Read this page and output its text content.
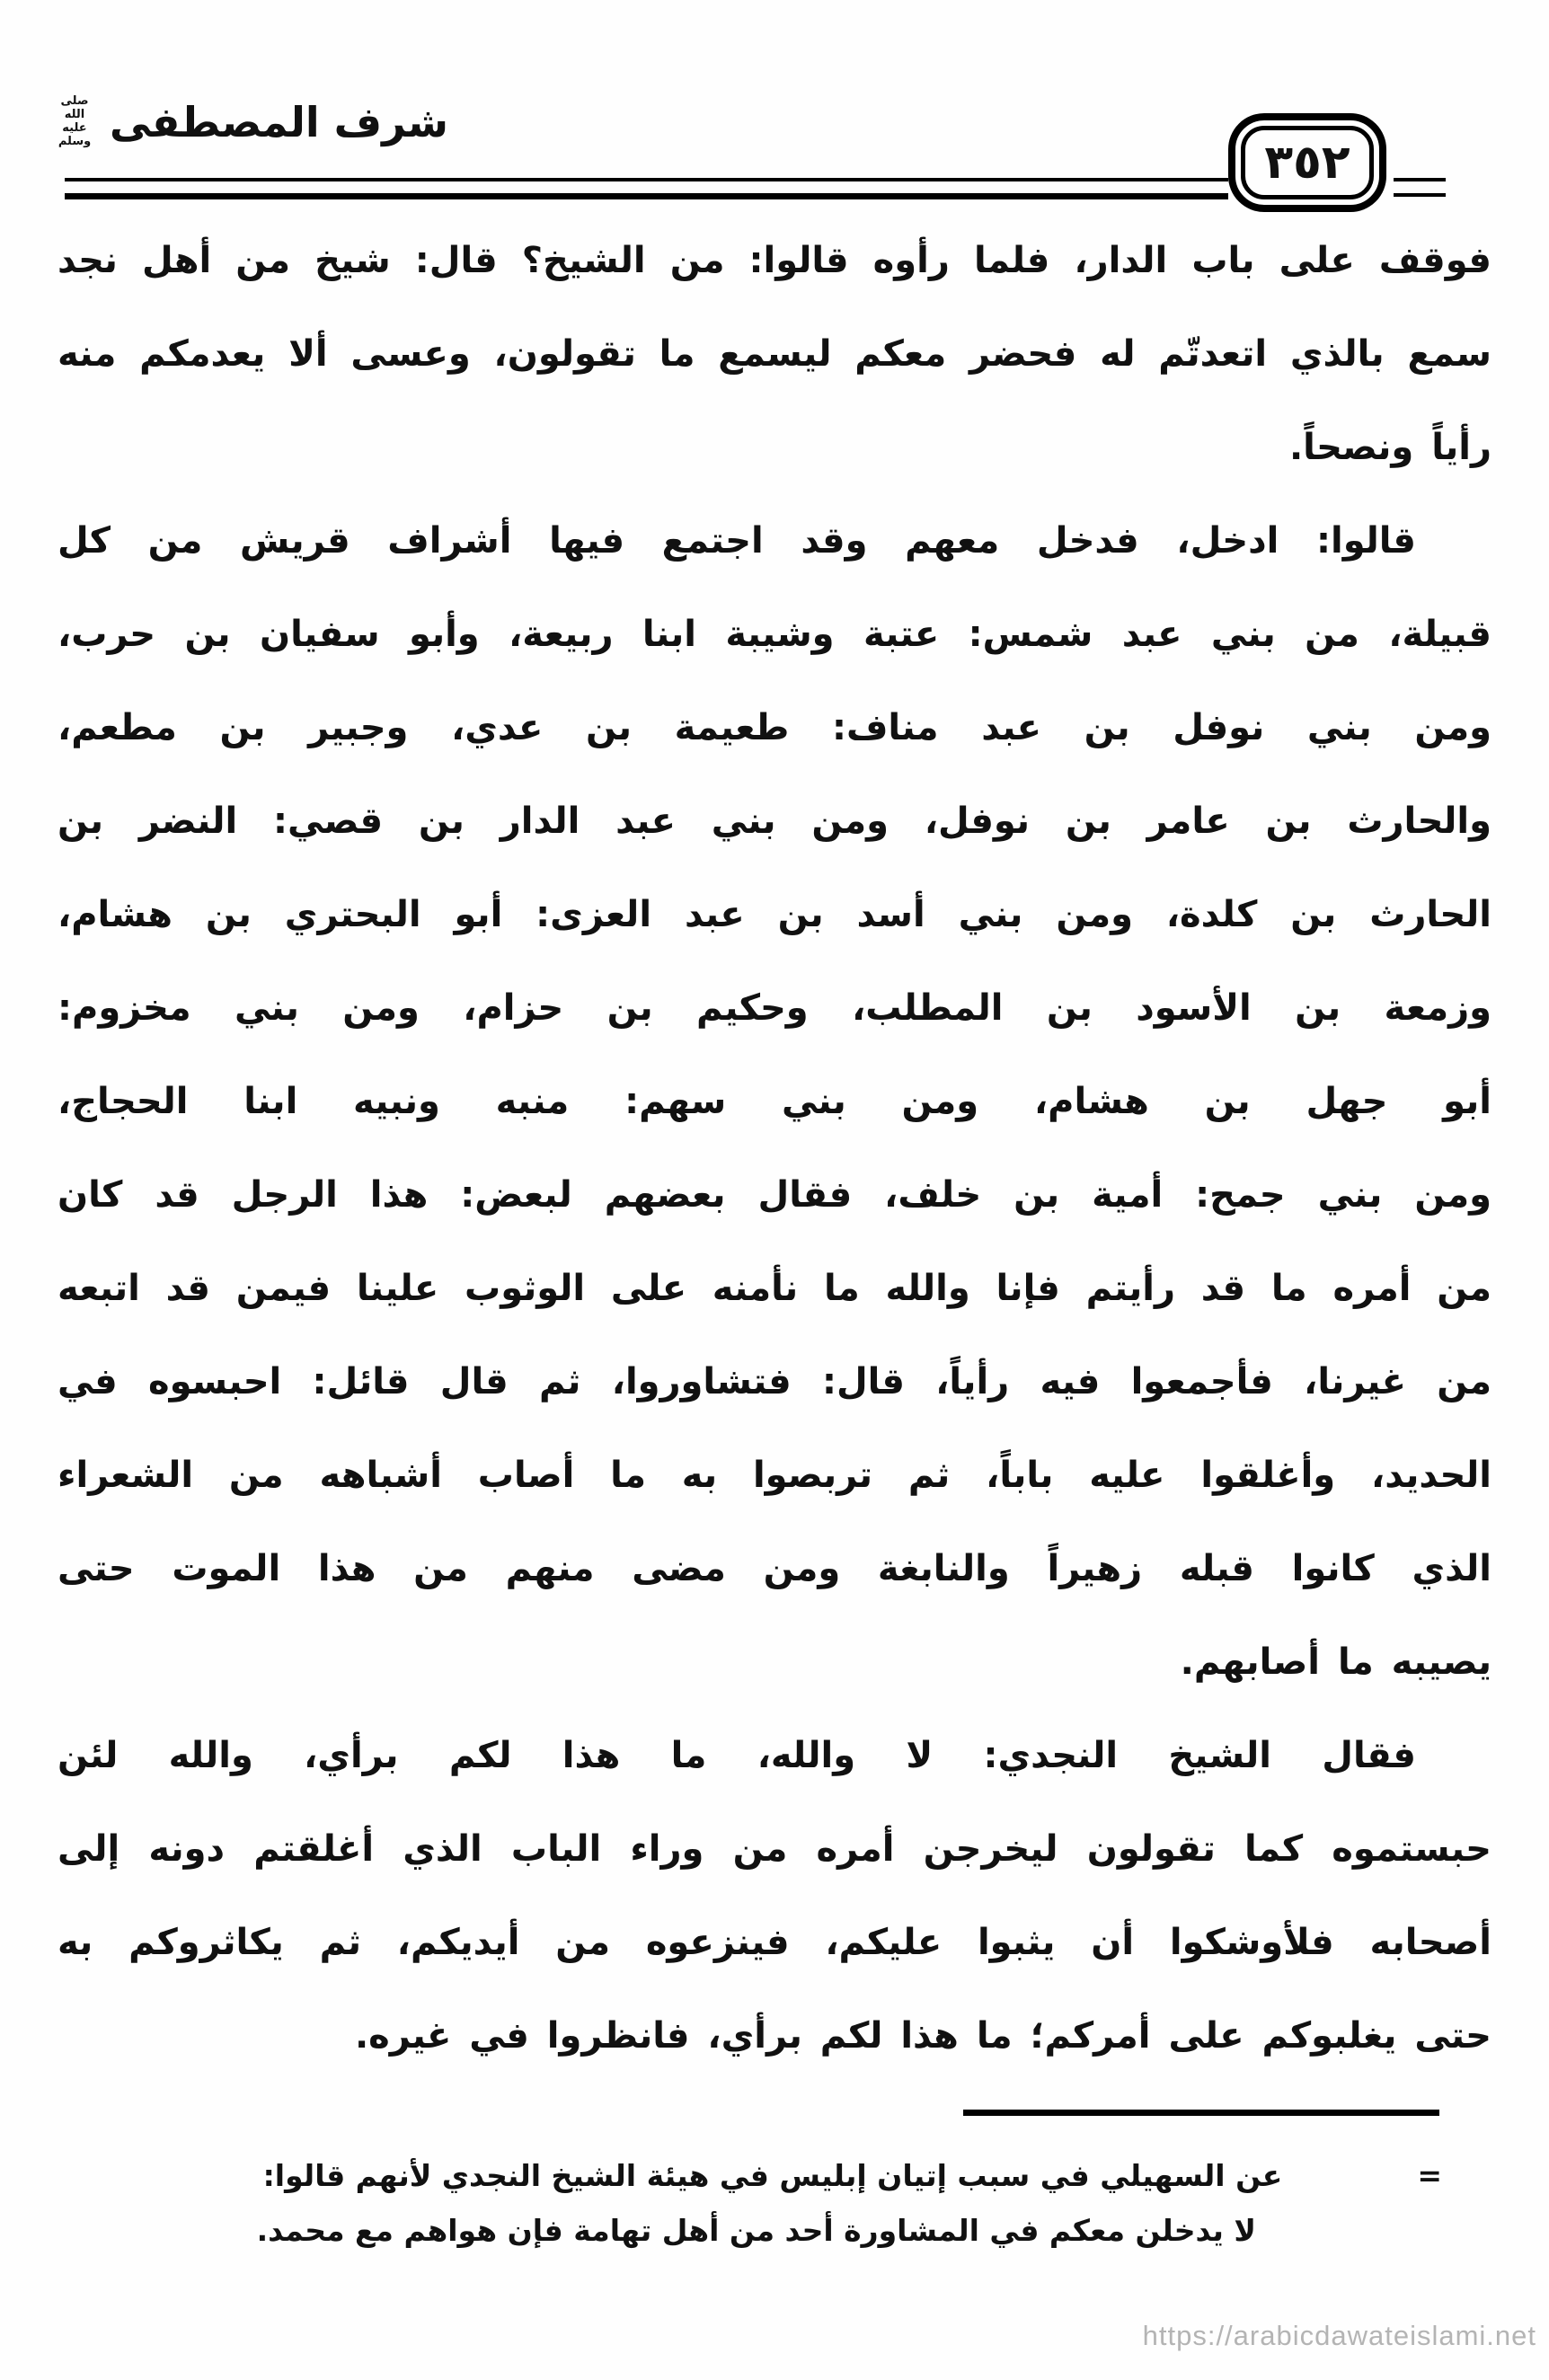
شرف المصطفى
صلى الله عليه وسلم	٣٥٢
فوقف على باب الدار، فلما رأوه قالوا: من الشيخ؟ قال: شيخ من أهل نجد
سمع بالذي اتعدتّم له فحضر معكم ليسمع ما تقولون، وعسى ألا يعدمكم منه
رأياً ونصحاً.
قالوا: ادخل، فدخل معهم وقد اجتمع فيها أشراف قريش من كل
قبيلة، من بني عبد شمس: عتبة وشيبة ابنا ربيعة، وأبو سفيان بن حرب،
ومن بني نوفل بن عبد مناف: طعيمة بن عدي، وجبير بن مطعم،
والحارث بن عامر بن نوفل، ومن بني عبد الدار بن قصي: النضر بن
الحارث بن كلدة، ومن بني أسد بن عبد العزى: أبو البحتري بن هشام،
وزمعة بن الأسود بن المطلب، وحكيم بن حزام، ومن بني مخزوم:
أبو جهل بن هشام، ومن بني سهم: منبه ونبيه ابنا الحجاج،
ومن بني جمح: أمية بن خلف، فقال بعضهم لبعض: هذا الرجل قد كان
من أمره ما قد رأيتم فإنا والله ما نأمنه على الوثوب علينا فيمن قد اتبعه
من غيرنا، فأجمعوا فيه رأياً، قال: فتشاوروا، ثم قال قائل: احبسوه في
الحديد، وأغلقوا عليه باباً، ثم تربصوا به ما أصاب أشباهه من الشعراء
الذي كانوا قبله زهيراً والنابغة ومن مضى منهم من هذا الموت حتى
يصيبه ما أصابهم.
فقال الشيخ النجدي: لا والله، ما هذا لكم برأي، والله لئن
حبستموه كما تقولون ليخرجن أمره من وراء الباب الذي أغلقتم دونه إلى
أصحابه فلأوشكوا أن يثبوا عليكم، فينزعوه من أيديكم، ثم يكاثروكم به
حتى يغلبوكم على أمركم؛ ما هذا لكم برأي، فانظروا في غيره.
=
عن السهيلي في سبب إتيان إبليس في هيئة الشيخ النجدي لأنهم قالوا:
لا يدخلن معكم في المشاورة أحد من أهل تهامة فإن هواهم مع محمد.
https://arabicdawateislami.net
